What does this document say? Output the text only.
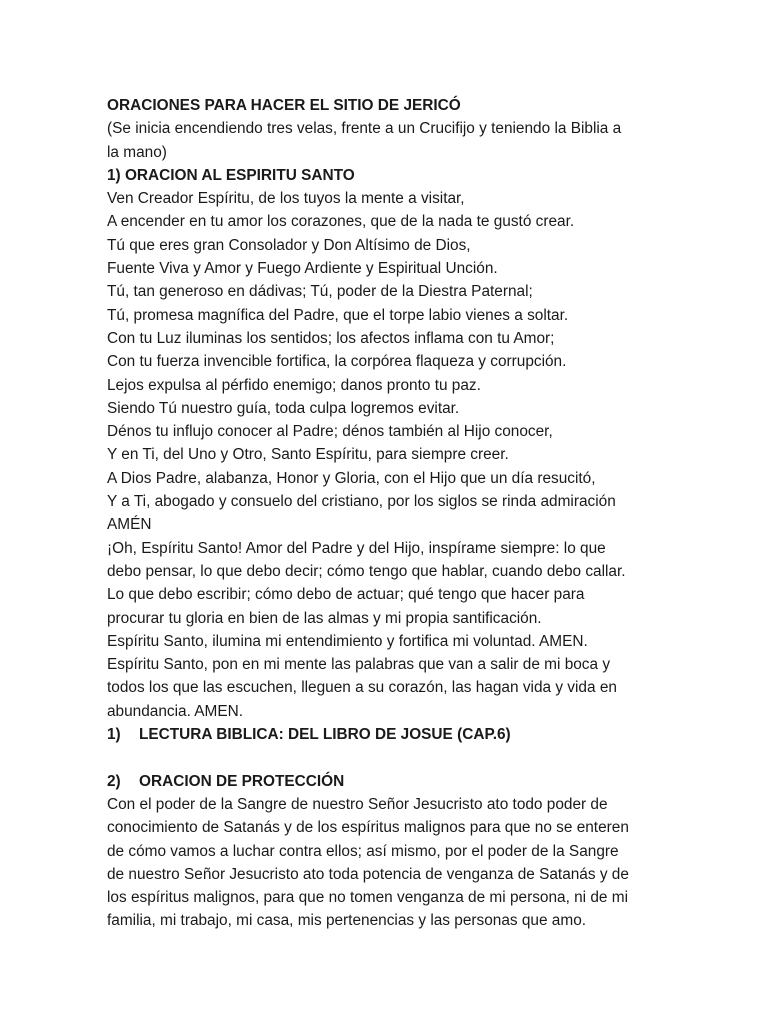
ORACIONES PARA HACER EL SITIO DE JERICÓ
(Se inicia encendiendo tres velas, frente a un Crucifijo y teniendo la Biblia a
la mano)
1) ORACION AL ESPIRITU SANTO
Ven Creador Espíritu, de los tuyos la mente a visitar,
A encender en tu amor los corazones, que de la nada te gustó crear.
Tú que eres gran Consolador y Don Altísimo de Dios,
Fuente Viva y Amor y Fuego Ardiente y Espiritual Unción.
Tú, tan generoso en dádivas; Tú, poder de la Diestra Paternal;
Tú, promesa magnífica del Padre, que el torpe labio vienes a soltar.
Con tu Luz iluminas los sentidos; los afectos inflama con tu Amor;
Con tu fuerza invencible fortifica, la corpórea flaqueza y corrupción.
Lejos expulsa al pérfido enemigo; danos pronto tu paz.
Siendo Tú nuestro guía, toda culpa logremos evitar.
Dénos tu influjo conocer al Padre; dénos también al Hijo conocer,
Y en Ti, del Uno y Otro, Santo Espíritu, para siempre creer.
A Dios Padre, alabanza, Honor y Gloria, con el Hijo que un día resucitó,
Y a Ti, abogado y consuelo del cristiano, por los siglos se rinda admiración
AMÉN
¡Oh, Espíritu Santo! Amor del Padre y del Hijo, inspírame siempre: lo que
debo pensar, lo que debo decir; cómo tengo que hablar, cuando debo callar.
Lo que debo escribir; cómo debo de actuar; qué tengo que hacer para
procurar tu gloria en bien de las almas y mi propia santificación.
Espíritu Santo, ilumina mi entendimiento y fortifica mi voluntad. AMEN.
Espíritu Santo, pon en mi mente las palabras que van a salir de mi boca y
todos los que las escuchen, lleguen a su corazón, las hagan vida y vida en
abundancia. AMEN.
1) LECTURA BIBLICA: DEL LIBRO DE JOSUE (CAP.6)
2) ORACION DE PROTECCIÓN
Con el poder de la Sangre de nuestro Señor Jesucristo ato todo poder de
conocimiento de Satanás y de los espíritus malignos para que no se enteren
de cómo vamos a luchar contra ellos; así mismo, por el poder de la Sangre
de nuestro Señor Jesucristo ato toda potencia de venganza de Satanás y de
los espíritus malignos, para que no tomen venganza de mi persona, ni de mi
familia, mi trabajo, mi casa, mis pertenencias y las personas que amo.
